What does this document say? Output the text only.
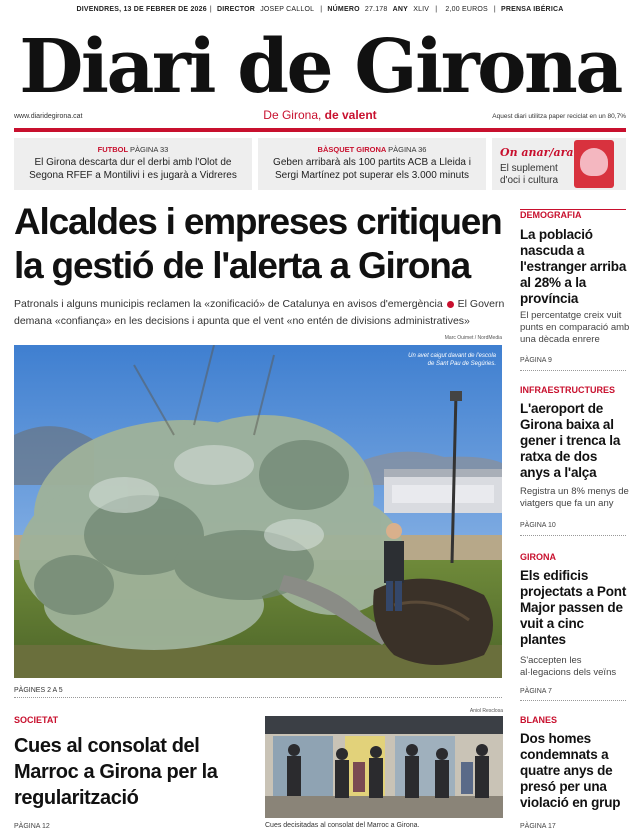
DIVENDRES, 13 DE FEBRER DE 2026 | DIRECTOR JOSEP CALLOL | NÚMERO 27.178 ANY XLIV | 2,00 EUROS | PRENSA IBÉRICA
Diari de Girona
www.diaridegirona.cat	De Girona, de valent	Aquest diari utilitza paper reciclat en un 80,7%
FUTBOL PÀGINA 33
El Girona descarta dur el derbi amb l'Olot de Segona RFEF a Montilivi i es jugarà a Vidreres
BÀSQUET GIRONA PÀGINA 36
Geben arribarà als 100 partits ACB a Lleida i Sergi Martínez pot superar els 3.000 minuts
On anar/ara
El suplement d'oci i cultura
Alcaldes i empreses critiquen la gestió de l'alerta a Girona
Patronals i alguns municipis reclamen la «zonificació» de Catalunya en avisos d'emergència El Govern demana «confiança» en les decisions i apunta que el vent «no entén de divisions administratives»
Marc Ouimet / NordMedia
Un avet caigut davant de l'escola de Sant Pau de Segúries.
PÀGINES 2 A 5
DEMOGRAFIA
La població nascuda a l'estranger arriba al 28% a la província
El percentatge creix vuit punts en comparació amb una dècada enrere
PÀGINA 9
INFRAESTRUCTURES
L'aeroport de Girona baixa al gener i trenca la ratxa de dos anys a l'alça
Registra un 8% menys de viatgers que fa un any
PÀGINA 10
GIRONA
Els edificis projectats a Pont Major passen de vuit a cinc plantes
S'accepten les al·legacions dels veïns
PÀGINA 7
BLANES
Dos homes condemnats a quatre anys de presó per una violació en grup
PÀGINA 17
SOCIETAT
Cues al consolat del Marroc a Girona per la regularització
PÀGINA 12
Aniol Resclosa
Cues decisitadas al consolat del Marroc a Girona.
